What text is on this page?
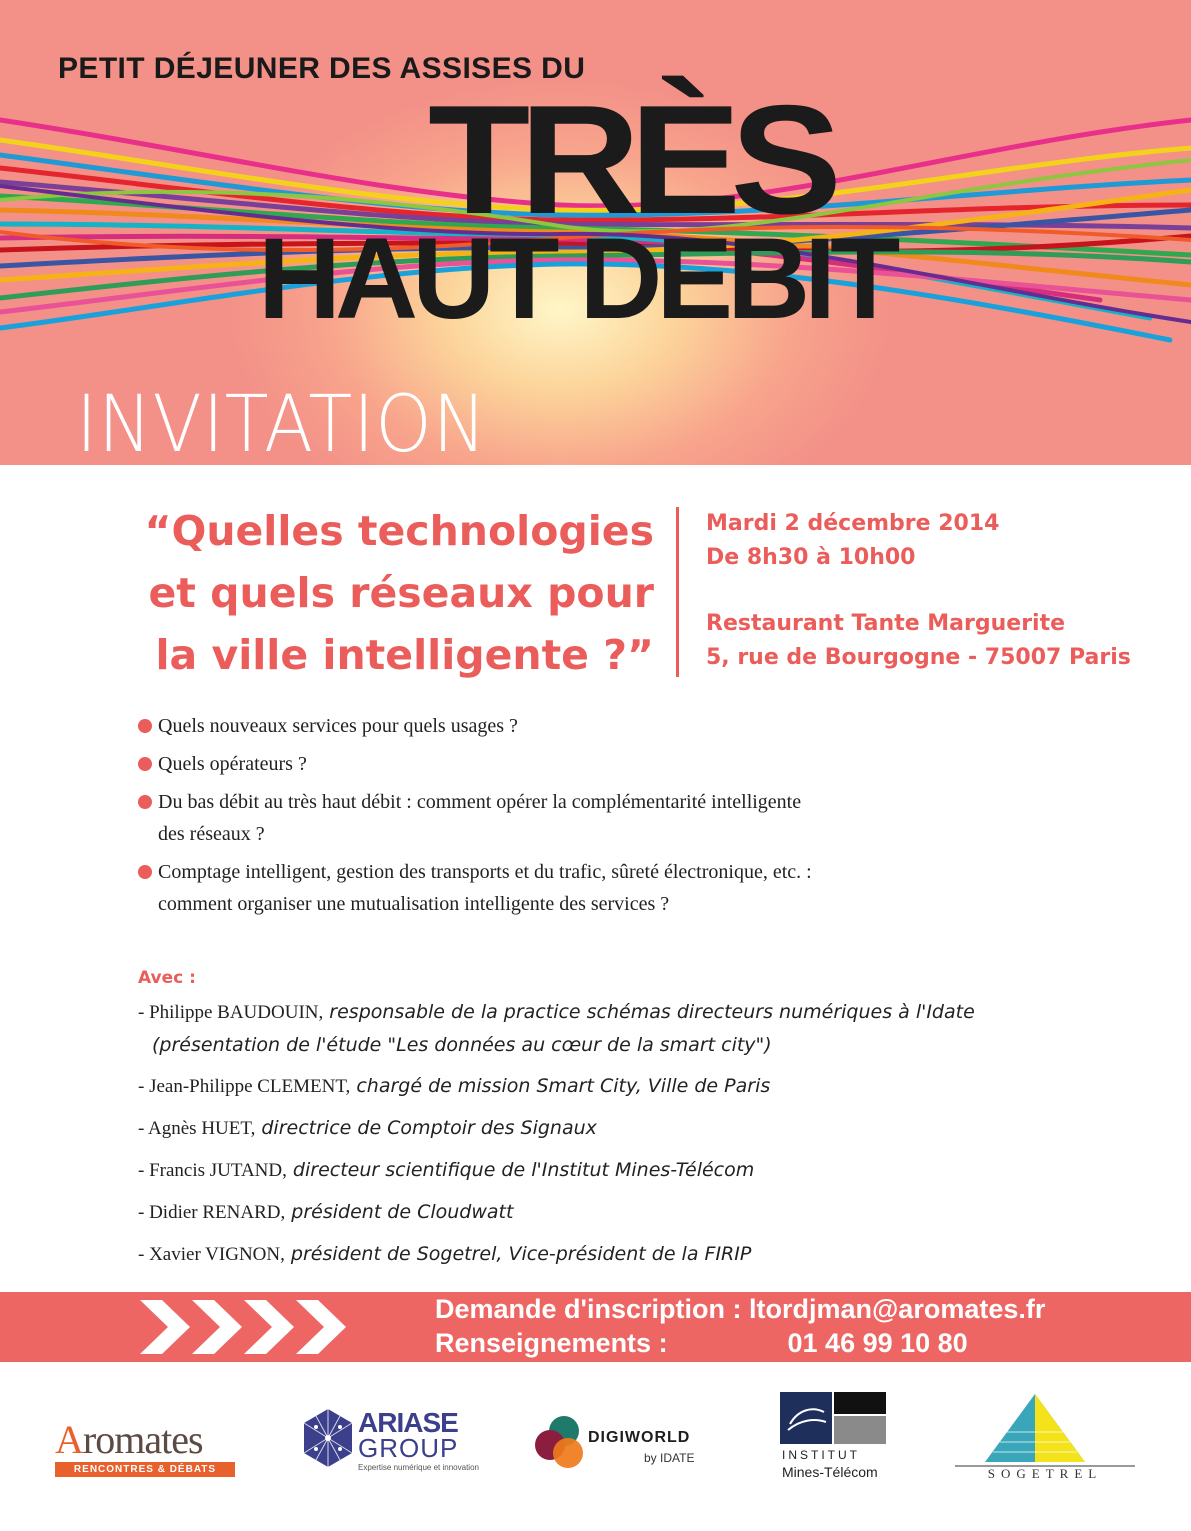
PETIT DÉJEUNER DES ASSISES DU
TRÈS
HAUT DEBIT
INVITATION
“Quelles technologies
et quels réseaux pour
la ville intelligente ?”
Mardi 2 décembre 2014
De 8h30 à 10h00
Restaurant Tante Marguerite
5, rue de Bourgogne - 75007 Paris
Quels nouveaux services pour quels usages ?
Quels opérateurs ?
Du bas débit au très haut débit : comment opérer la complémentarité intelligente
des réseaux ?
Comptage intelligent, gestion des transports et du trafic, sûreté électronique, etc. :
comment organiser une mutualisation intelligente des services ?
Avec :
- Philippe BAUDOUIN, responsable de la practice schémas directeurs numériques à l'Idate
(présentation de l'étude "Les données au cœur de la smart city")
- Jean-Philippe CLEMENT, chargé de mission Smart City, Ville de Paris
- Agnès HUET, directrice de Comptoir des Signaux
- Francis JUTAND, directeur scientifique de l'Institut Mines-Télécom
- Didier RENARD, président de Cloudwatt
- Xavier VIGNON, président de Sogetrel, Vice-président de la FIRIP
Demande d'inscription : ltordjman@aromates.fr
Renseignements :	01 46 99 10 80
Aromates
RENCONTRES & DÉBATS
ARIASE
GROUP
Expertise numérique et innovation
DIGIWORLD
by IDATE	INSTITUT
Mines-Télécom	SOGETREL
